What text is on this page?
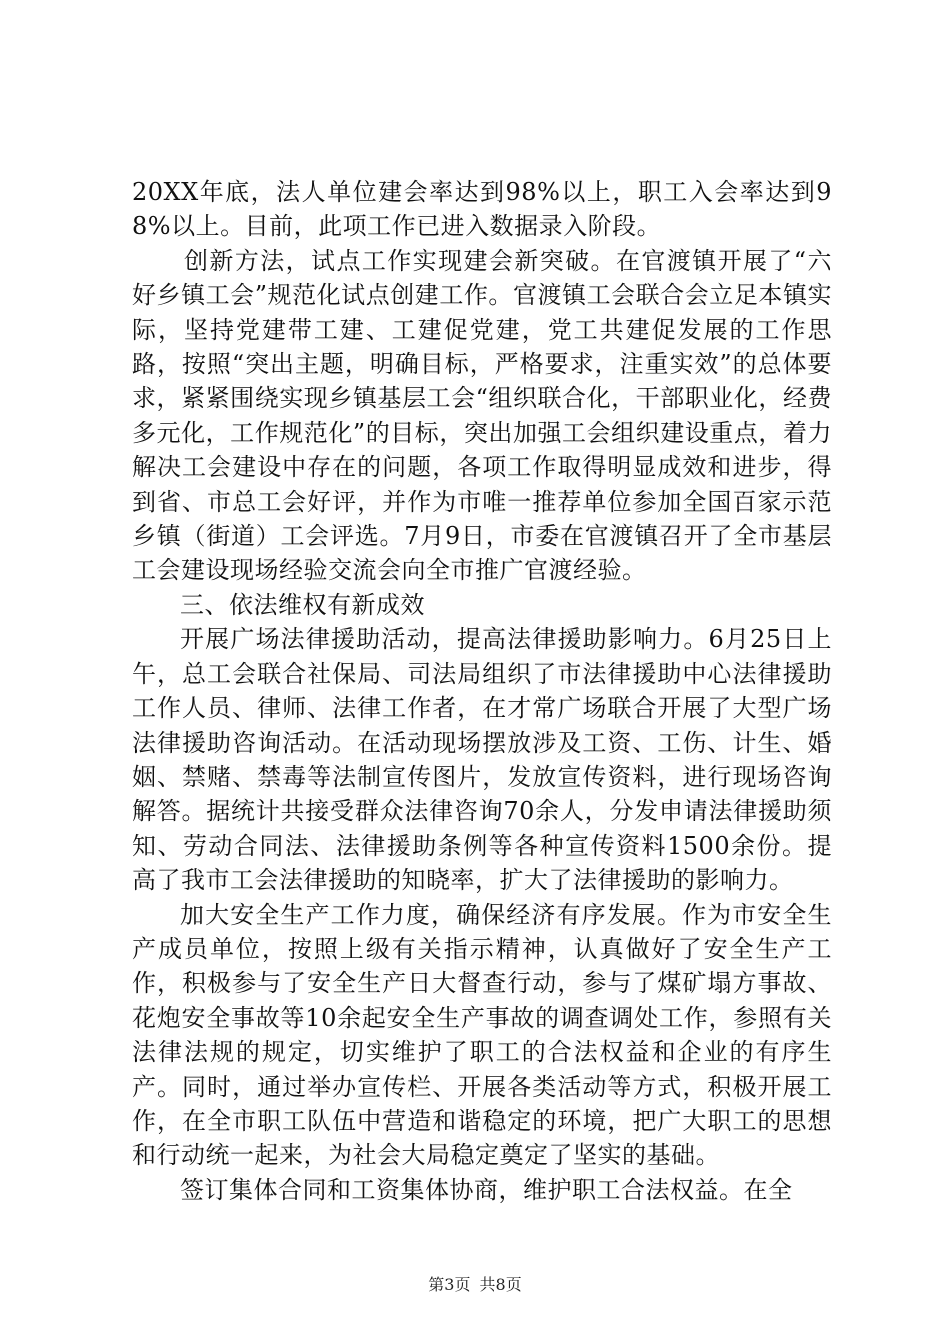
20XX年底，法人单位建会率达到98%以上，职工入会率达到98%以上。目前，此项工作已进入数据录入阶段。

创新方法，试点工作实现建会新突破。在官渡镇开展了“六好乡镇工会”规范化试点创建工作。官渡镇工会联合会立足本镇实际，坚持党建带工建、工建促党建，党工共建促发展的工作思路，按照“突出主题，明确目标，严格要求，注重实效”的总体要求，紧紧围绕实现乡镇基层工会“组织联合化，干部职业化，经费多元化，工作规范化”的目标，突出加强工会组织建设重点，着力解决工会建设中存在的问题，各项工作取得明显成效和进步，得到省、市总工会好评，并作为市唯一推荐单位参加全国百家示范乡镇（街道）工会评选。7月9日，市委在官渡镇召开了全市基层工会建设现场经验交流会向全市推广官渡经验。

三、依法维权有新成效

开展广场法律援助活动，提高法律援助影响力。6月25日上午，总工会联合社保局、司法局组织了市法律援助中心法律援助工作人员、律师、法律工作者，在才常广场联合开展了大型广场法律援助咨询活动。在活动现场摆放涉及工资、工伤、计生、婚姻、禁赌、禁毒等法制宣传图片，发放宣传资料，进行现场咨询解答。据统计共接受群众法律咨询70余人，分发申请法律援助须知、劳动合同法、法律援助条例等各种宣传资料1500余份。提高了我市工会法律援助的知晓率，扩大了法律援助的影响力。

加大安全生产工作力度，确保经济有序发展。作为市安全生产成员单位，按照上级有关指示精神，认真做好了安全生产工作，积极参与了安全生产日大督查行动，参与了煤矿塌方事故、花炮安全事故等10余起安全生产事故的调查调处工作，参照有关法律法规的规定，切实维护了职工的合法权益和企业的有序生产。同时，通过举办宣传栏、开展各类活动等方式，积极开展工作，在全市职工队伍中营造和谐稳定的环境，把广大职工的思想和行动统一起来，为社会大局稳定奠定了坚实的基础。

签订集体合同和工资集体协商，维护职工合法权益。在全

第3页 共8页
